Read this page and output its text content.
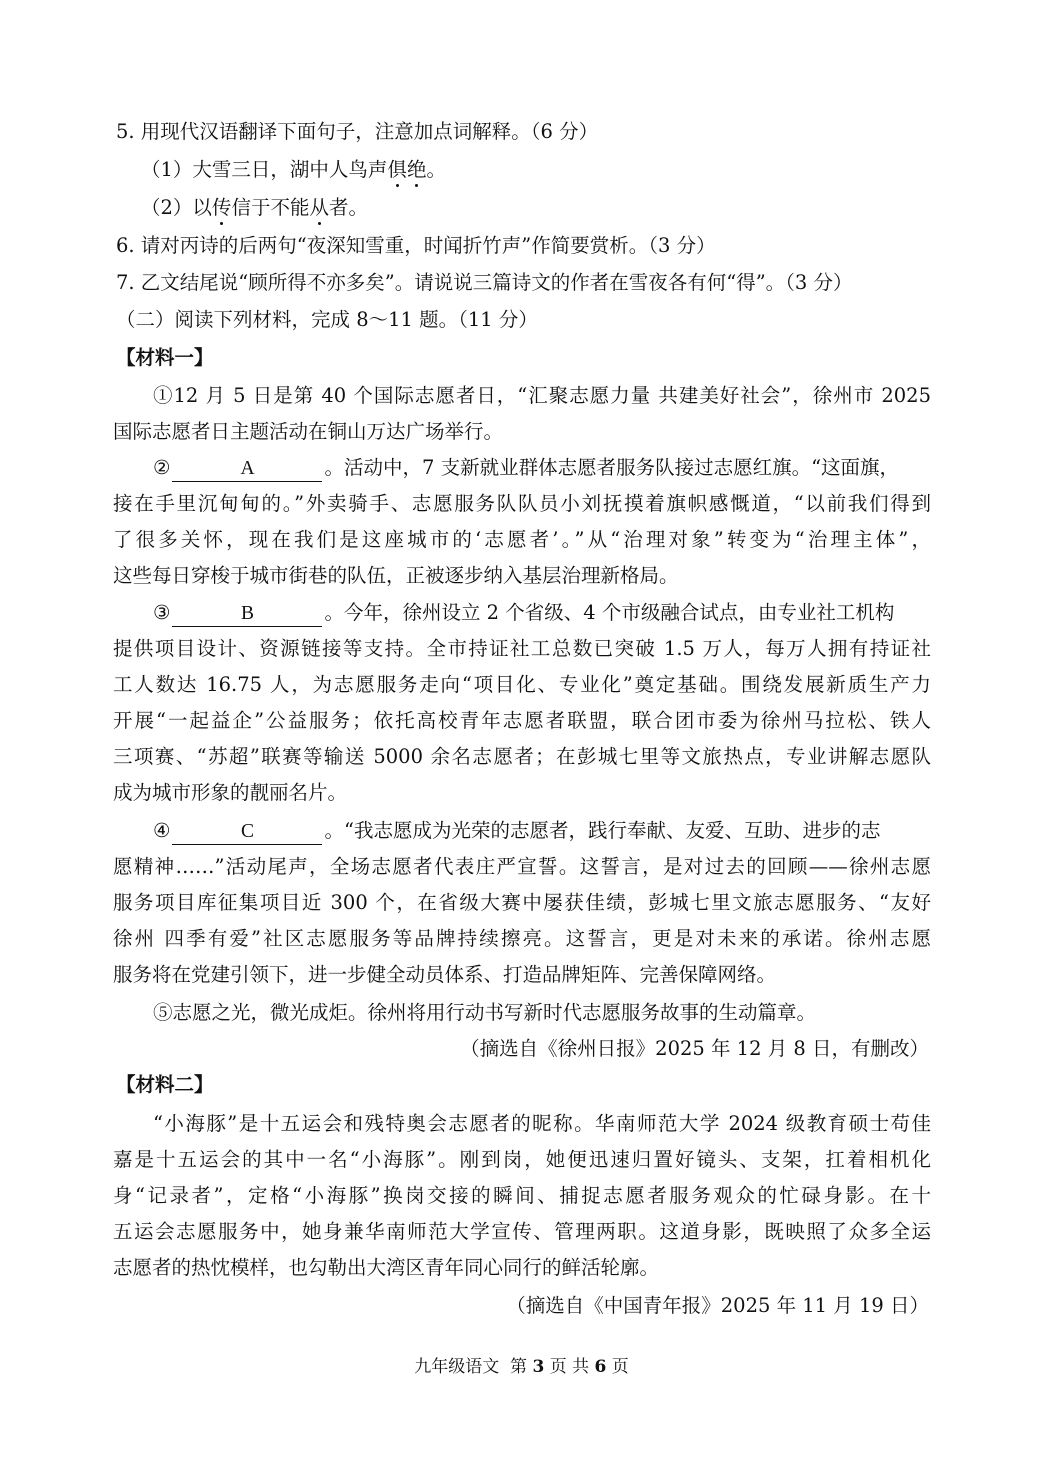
5. 用现代汉语翻译下面句子，注意加点词解释。（6 分）
（1）大雪三日，湖中人鸟声俱绝。
（2）以传信于不能从者。
6. 请对丙诗的后两句“夜深知雪重，时闻折竹声”作简要赏析。（3 分）
7. 乙文结尾说“顾所得不亦多矣”。请说说三篇诗文的作者在雪夜各有何“得”。（3 分）
（二）阅读下列材料，完成 8～11 题。（11 分）
【材料一】
①12 月 5 日是第 40 个国际志愿者日，“汇聚志愿力量 共建美好社会”，徐州市 2025
国际志愿者日主题活动在铜山万达广场举行。
②	A	。活动中，7 支新就业群体志愿者服务队接过志愿红旗。“这面旗，
接在手里沉甸甸的。”外卖骑手、志愿服务队队员小刘抚摸着旗帜感慨道，“以前我们得到
了很多关怀，现在我们是这座城市的‘志愿者’。”从“治理对象”转变为“治理主体”，
这些每日穿梭于城市街巷的队伍，正被逐步纳入基层治理新格局。
③	B	。今年，徐州设立 2 个省级、4 个市级融合试点，由专业社工机构
提供项目设计、资源链接等支持。全市持证社工总数已突破 1.5 万人，每万人拥有持证社
工人数达 16.75 人，为志愿服务走向“项目化、专业化”奠定基础。围绕发展新质生产力
开展“一起益企”公益服务；依托高校青年志愿者联盟，联合团市委为徐州马拉松、铁人
三项赛、“苏超”联赛等输送 5000 余名志愿者；在彭城七里等文旅热点，专业讲解志愿队
成为城市形象的靓丽名片。
④	C	。“我志愿成为光荣的志愿者，践行奉献、友爱、互助、进步的志
愿精神……”活动尾声，全场志愿者代表庄严宣誓。这誓言，是对过去的回顾——徐州志愿
服务项目库征集项目近 300 个，在省级大赛中屡获佳绩，彭城七里文旅志愿服务、“友好
徐州 四季有爱”社区志愿服务等品牌持续擦亮。这誓言，更是对未来的承诺。徐州志愿
服务将在党建引领下，进一步健全动员体系、打造品牌矩阵、完善保障网络。
⑤志愿之光，微光成炬。徐州将用行动书写新时代志愿服务故事的生动篇章。
（摘选自《徐州日报》2025 年 12 月 8 日，有删改）
【材料二】
“小海豚”是十五运会和残特奥会志愿者的昵称。华南师范大学 2024 级教育硕士苟佳
嘉是十五运会的其中一名“小海豚”。刚到岗，她便迅速归置好镜头、支架，扛着相机化
身“记录者”，定格“小海豚”换岗交接的瞬间、捕捉志愿者服务观众的忙碌身影。在十
五运会志愿服务中，她身兼华南师范大学宣传、管理两职。这道身影，既映照了众多全运
志愿者的热忱模样，也勾勒出大湾区青年同心同行的鲜活轮廓。
（摘选自《中国青年报》2025 年 11 月 19 日）
九年级语文 第 3 页 共 6 页
